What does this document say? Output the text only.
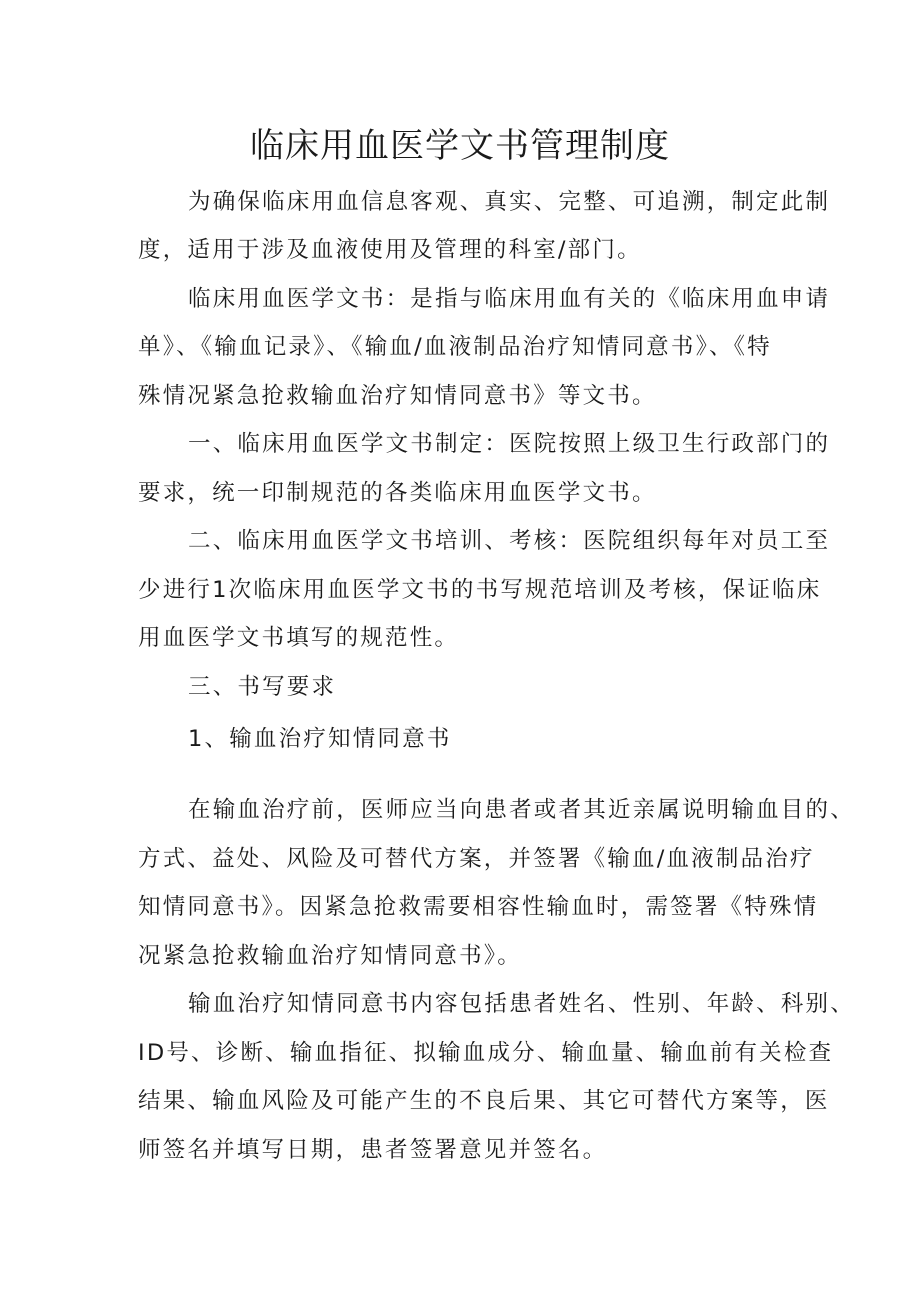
临床用血医学文书管理制度

为确保临床用血信息客观、真实、完整、可追溯，制定此制

度，适用于涉及血液使用及管理的科室/部门。

临床用血医学文书：是指与临床用血有关的《临床用血申请

单》、《输血记录》、《输血/血液制品治疗知情同意书》、《特

殊情况紧急抢救输血治疗知情同意书》等文书。

一、临床用血医学文书制定：医院按照上级卫生行政部门的

要求，统一印制规范的各类临床用血医学文书。

二、临床用血医学文书培训、考核：医院组织每年对员工至

少进行1次临床用血医学文书的书写规范培训及考核，保证临床

用血医学文书填写的规范性。

三、书写要求

1、输血治疗知情同意书

在输血治疗前，医师应当向患者或者其近亲属说明输血目的、

方式、益处、风险及可替代方案，并签署《输血/血液制品治疗

知情同意书》。因紧急抢救需要相容性输血时，需签署《特殊情

况紧急抢救输血治疗知情同意书》。

输血治疗知情同意书内容包括患者姓名、性别、年龄、科别、

ID号、诊断、输血指征、拟输血成分、输血量、输血前有关检查

结果、输血风险及可能产生的不良后果、其它可替代方案等，医

师签名并填写日期，患者签署意见并签名。
